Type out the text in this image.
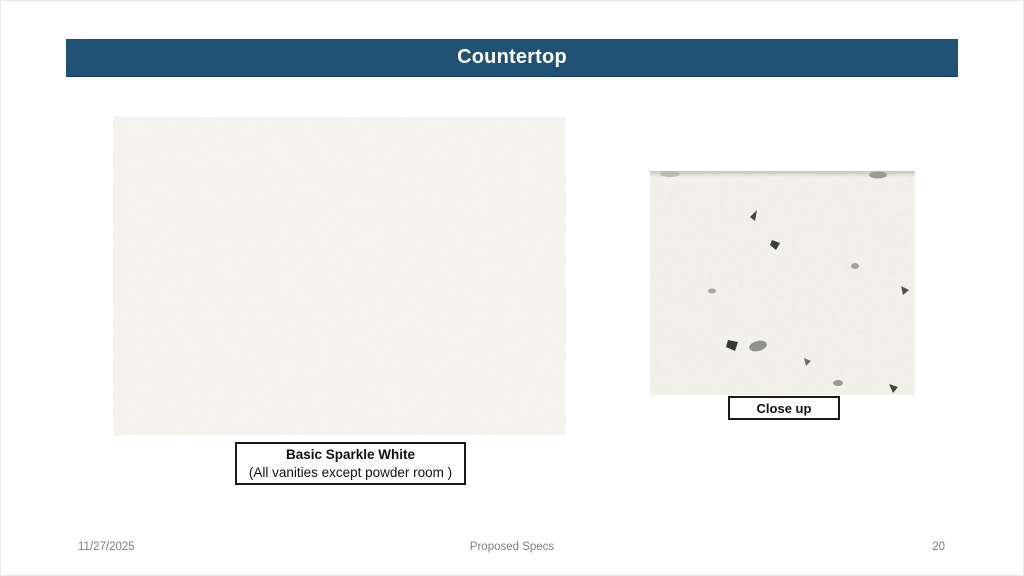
Countertop
Basic Sparkle White
(All vanities except powder room )
Close up
11/27/2025	Proposed Specs	20
